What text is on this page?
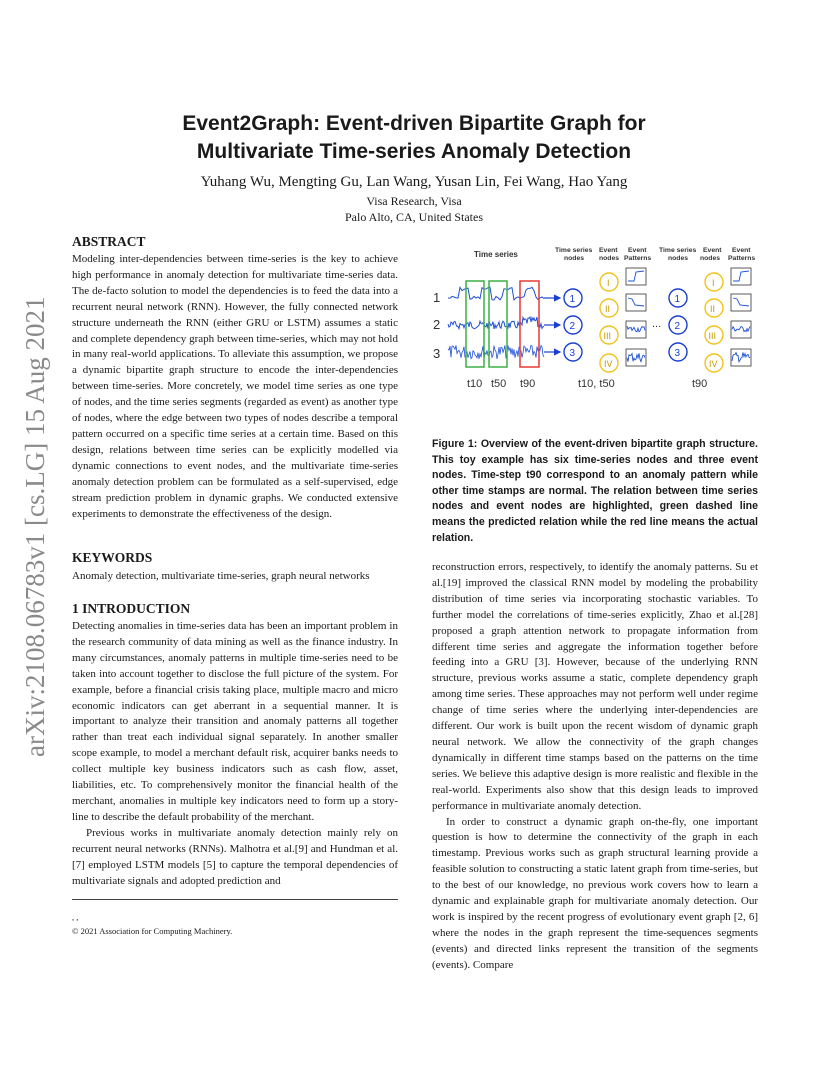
arXiv:2108.06783v1 [cs.LG] 15 Aug 2021
Event2Graph: Event-driven Bipartite Graph for
Multivariate Time-series Anomaly Detection
Yuhang Wu, Mengting Gu, Lan Wang, Yusan Lin, Fei Wang, Hao Yang
Visa Research, Visa
Palo Alto, CA, United States
ABSTRACT

Modeling inter-dependencies between time-series is the key to achieve high performance in anomaly detection for multivariate time-series data. The de-facto solution to model the dependencies is to feed the data into a recurrent neural network (RNN). However, the fully connected network structure underneath the RNN (either GRU or LSTM) assumes a static and complete dependency graph between time-series, which may not hold in many real-world applications. To alleviate this assumption, we propose a dynamic bipartite graph structure to encode the inter-dependencies between time-series. More concretely, we model time series as one type of nodes, and the time series segments (regarded as event) as another type of nodes, where the edge between two types of nodes describe a temporal pattern occurred on a specific time series at a certain time. Based on this design, relations between time series can be explicitly modelled via dynamic connections to event nodes, and the multivariate time-series anomaly detection problem can be formulated as a self-supervised, edge stream prediction problem in dynamic graphs. We conducted extensive experiments to demonstrate the effectiveness of the design.

KEYWORDS

Anomaly detection, multivariate time-series, graph neural networks

1 INTRODUCTION

Detecting anomalies in time-series data has been an important problem in the research community of data mining as well as the finance industry. In many circumstances, anomaly patterns in multiple time-series need to be taken into account together to disclose the full picture of the system. For example, before a financial crisis taking place, multiple macro and micro economic indicators can get aberrant in a sequential manner. It is important to analyze their transition and anomaly patterns all together rather than treat each individual signal separately. In another smaller scope example, to model a merchant default risk, acquirer banks needs to collect multiple key business indicators such as cash flow, asset, liabilities, etc. To comprehensively monitor the financial health of the merchant, anomalies in multiple key indicators need to form up a story-line to describe the default probability of the merchant.

Previous works in multivariate anomaly detection mainly rely on recurrent neural networks (RNNs). Malhotra et al.[9] and Hundman et al.[7] employed LSTM models [5] to capture the temporal dependencies of multivariate signals and adopted prediction and

, ,
© 2021 Association for Computing Machinery.
Time series	Time series
nodes
Event
nodes
Event
Patterns
Time series
nodes
Event
nodes
Event
Patterns
1
2
3
t10 t50 t90
1
2
3
I
II
III
IV
t10, t50
...
1
2
3
I
II
III
IV
t90
Figure 1: Overview of the event-driven bipartite graph structure. This toy example has six time-series nodes and three event nodes. Time-step t90 correspond to an anomaly pattern while other time stamps are normal. The relation between time series nodes and event nodes are highlighted, green dashed line means the predicted relation while the red line means the actual relation.

reconstruction errors, respectively, to identify the anomaly patterns. Su et al.[19] improved the classical RNN model by modeling the probability distribution of time series via incorporating stochastic variables. To further model the correlations of time-series explicitly, Zhao et al.[28] proposed a graph attention network to propagate information from different time series and aggregate the information together before feeding into a GRU [3]. However, because of the underlying RNN structure, previous works assume a static, complete dependency graph among time series. These approaches may not perform well under regime change of time series where the underlying inter-dependencies are different. Our work is built upon the recent wisdom of dynamic graph neural network. We allow the connectivity of the graph changes dynamically in different time stamps based on the patterns on the time series. We believe this adaptive design is more realistic and flexible in the real-world. Experiments also show that this design leads to improved performance in multivariate anomaly detection.

In order to construct a dynamic graph on-the-fly, one important question is how to determine the connectivity of the graph in each timestamp. Previous works such as graph structural learning provide a feasible solution to constructing a static latent graph from time-series, but to the best of our knowledge, no previous work covers how to learn a dynamic and explainable graph for multivariate anomaly detection. Our work is inspired by the recent progress of evolutionary event graph [2, 6] where the nodes in the graph represent the time-sequences segments (events) and directed links represent the transition of the segments (events). Compare
